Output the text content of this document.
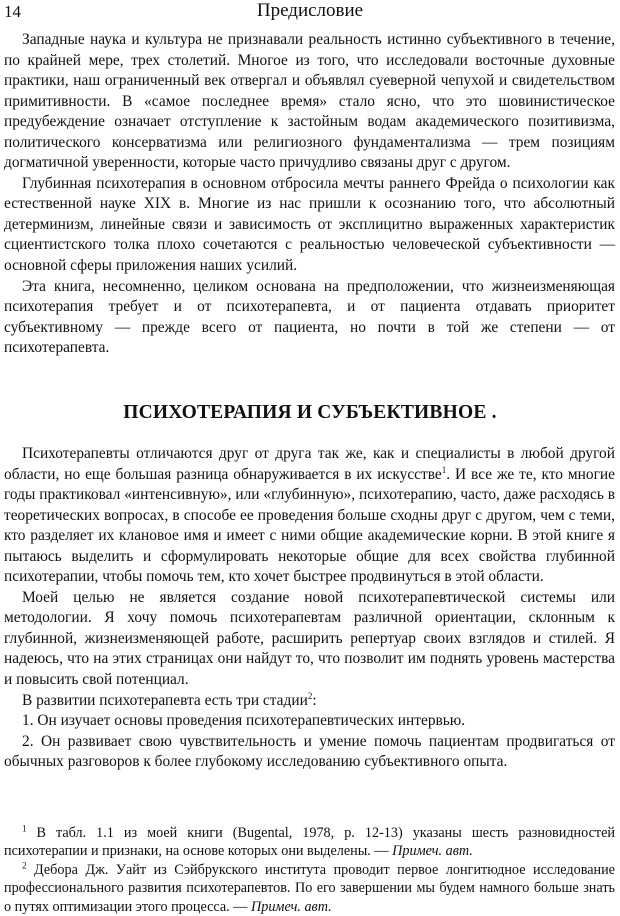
14	Предисловие

Западные наука и культура не признавали реальность истинно субъективного в течение, по крайней мере, трех столетий. Многое из того, что исследовали восточные духовные практики, наш ограниченный век отвергал и объявлял суеверной чепухой и свидетельством примитивности. В «самое последнее время» стало ясно, что это шовинистическое предубеждение означает отступление к застойным водам академического позитивизма, политического консерватизма или религиозного фундаментализма — трем позициям догматичной уверенности, которые часто причудливо связаны друг с другом.

Глубинная психотерапия в основном отбросила мечты раннего Фрейда о психологии как естественной науке XIX в. Многие из нас пришли к осознанию того, что абсолютный детерминизм, линейные связи и зависимость от эксплицитно выраженных характеристик сциентистского толка плохо сочетаются с реальностью человеческой субъективности — основной сферы приложения наших усилий.

Эта книга, несомненно, целиком основана на предположении, что жизнеизменяющая психотерапия требует и от психотерапевта, и от пациента отдавать приоритет субъективному — прежде всего от пациента, но почти в той же степени — от психотерапевта.

ПСИХОТЕРАПИЯ И СУБЪЕКТИВНОЕ .

Психотерапевты отличаются друг от друга так же, как и специалисты в любой другой области, но еще большая разница обнаруживается в их искусстве$^1$. И все же те, кто многие годы практиковал «интенсивную», или «глубинную», психотерапию, часто, даже расходясь в теоретических вопросах, в способе ее проведения больше сходны друг с другом, чем с теми, кто разделяет их клановое имя и имеет с ними общие академические корни. В этой книге я пытаюсь выделить и сформулировать некоторые общие для всех свойства глубинной психотерапии, чтобы помочь тем, кто хочет быстрее продвинуться в этой области.

Моей целью не является создание новой психотерапевтической системы или методологии. Я хочу помочь психотерапевтам различной ориентации, склонным к глубинной, жизнеизменяющей работе, расширить репертуар своих взглядов и стилей. Я надеюсь, что на этих страницах они найдут то, что позволит им поднять уровень мастерства и повысить свой потенциал.

В развитии психотерапевта есть три стадии$^2$:

1. Он изучает основы проведения психотерапевтических интервью.

2. Он развивает свою чувствительность и умение помочь пациентам продвигаться от обычных разговоров к более глубокому исследованию субъективного опыта.

$^1$ В табл. 1.1 из моей книги (Bugental, 1978, р. 12-13) указаны шесть разновидностей психотерапии и признаки, на основе которых они выделены. — Примеч. авт.

$^2$ Дебора Дж. Уайт из Сэйбрукского института проводит первое лонгитюдное исследование профессионального развития психотерапевтов. По его завершении мы будем намного больше знать о путях оптимизации этого процесса. — Примеч. авт.
